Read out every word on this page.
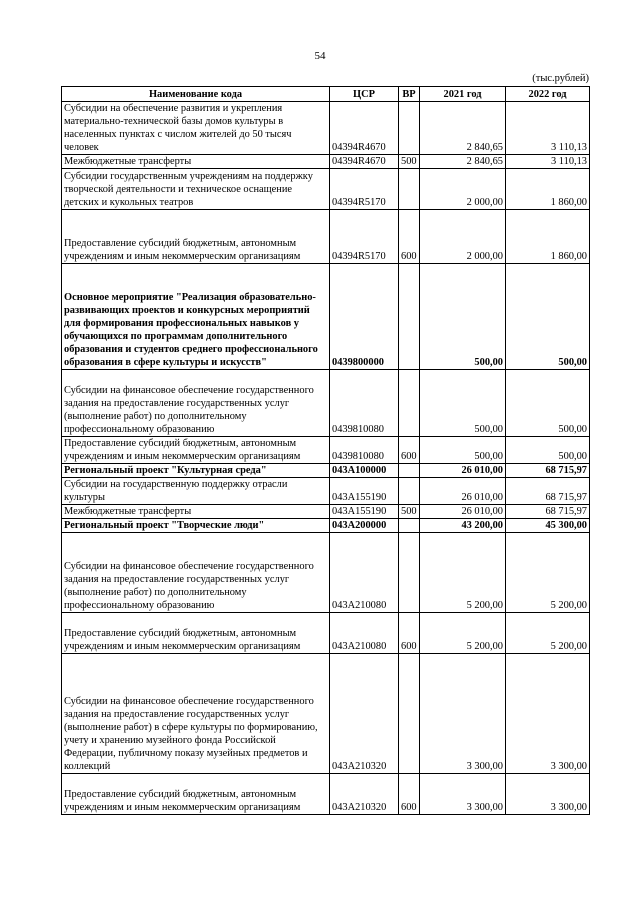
54
(тыс.рублей)
Наименование кода	ЦСР	ВР	2021 год	2022 год
Субсидии на обеспечение развития и укрепления материально-технической базы домов культуры в населенных пунктах с числом жителей до 50 тысяч человек	04394R4670		2 840,65	3 110,13
Межбюджетные трансферты	04394R4670	500	2 840,65	3 110,13
Субсидии государственным учреждениям на поддержку творческой деятельности и техническое оснащение детских и кукольных театров	04394R5170		2 000,00	1 860,00
Предоставление субсидий бюджетным, автономным учреждениям и иным некоммерческим организациям	04394R5170	600	2 000,00	1 860,00
Основное мероприятие "Реализация образовательно-развивающих проектов и конкурсных мероприятий для формирования профессиональных навыков у обучающихся по программам дополнительного образования и студентов среднего профессионального образования в сфере культуры и искусств"	0439800000		500,00	500,00
Субсидии на финансовое обеспечение государственного задания на предоставление государственных услуг (выполнение работ) по дополнительному профессиональному образованию	0439810080		500,00	500,00
Предоставление субсидий бюджетным, автономным учреждениям и иным некоммерческим организациям	0439810080	600	500,00	500,00
Региональный проект "Культурная среда"	043A100000		26 010,00	68 715,97
Субсидии на государственную поддержку отрасли культуры	043A155190		26 010,00	68 715,97
Межбюджетные трансферты	043A155190	500	26 010,00	68 715,97
Региональный проект "Творческие люди"	043A200000		43 200,00	45 300,00
Субсидии на финансовое обеспечение государственного задания на предоставление государственных услуг (выполнение работ) по дополнительному профессиональному образованию	043A210080		5 200,00	5 200,00
Предоставление субсидий бюджетным, автономным учреждениям и иным некоммерческим организациям	043A210080	600	5 200,00	5 200,00
Субсидии на финансовое обеспечение государственного задания на предоставление государственных услуг (выполнение работ) в сфере культуры по формированию, учету и хранению музейного фонда Российской Федерации, публичному показу музейных предметов и коллекций	043A210320		3 300,00	3 300,00
Предоставление субсидий бюджетным, автономным учреждениям и иным некоммерческим организациям	043A210320	600	3 300,00	3 300,00
